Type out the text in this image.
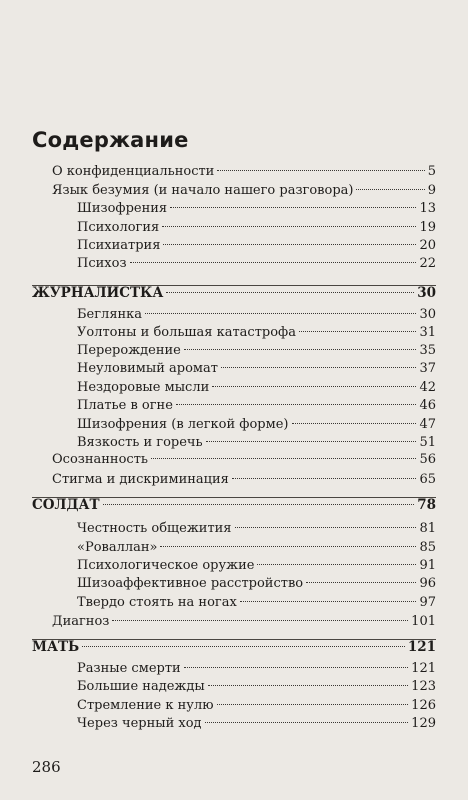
Содержание
О конфиденциальности	5
Язык безумия (и начало нашего разговора)	9
Шизофрения	13
Психология	19
Психиатрия	20
Психоз	22
ЖУРНАЛИСТКА	30
Беглянка	30
Уолтоны и большая катастрофа	31
Перерождение	35
Неуловимый аромат	37
Нездоровые мысли	42
Платье в огне	46
Шизофрения (в легкой форме)	47
Вязкость и горечь	51
Осознанность	56
Стигма и дискриминация	65
СОЛДАТ	78
Честность общежития	81
«Роваллан»	85
Психологическое оружие	91
Шизоаффективное расстройство	96
Твердо стоять на ногах	97
Диагноз	101
МАТЬ	121
Разные смерти	121
Большие надежды	123
Стремление к нулю	126
Через черный ход	129
286
